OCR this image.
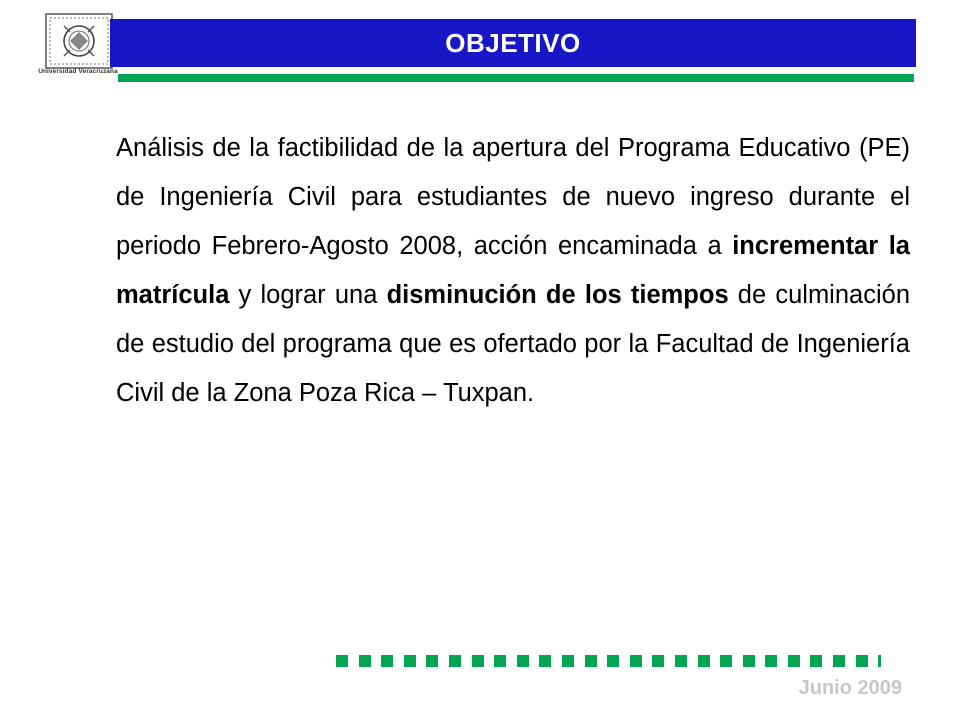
Universidad Veracruzana
OBJETIVO

Análisis de la factibilidad de la apertura del Programa Educativo (PE) de Ingeniería Civil para estudiantes de nuevo ingreso durante el periodo Febrero-Agosto 2008, acción encaminada a incrementar la matrícula y lograr una disminución de los tiempos de culminación de estudio del programa que es ofertado por la Facultad de Ingeniería Civil de la Zona Poza Rica – Tuxpan.

Junio 2009
